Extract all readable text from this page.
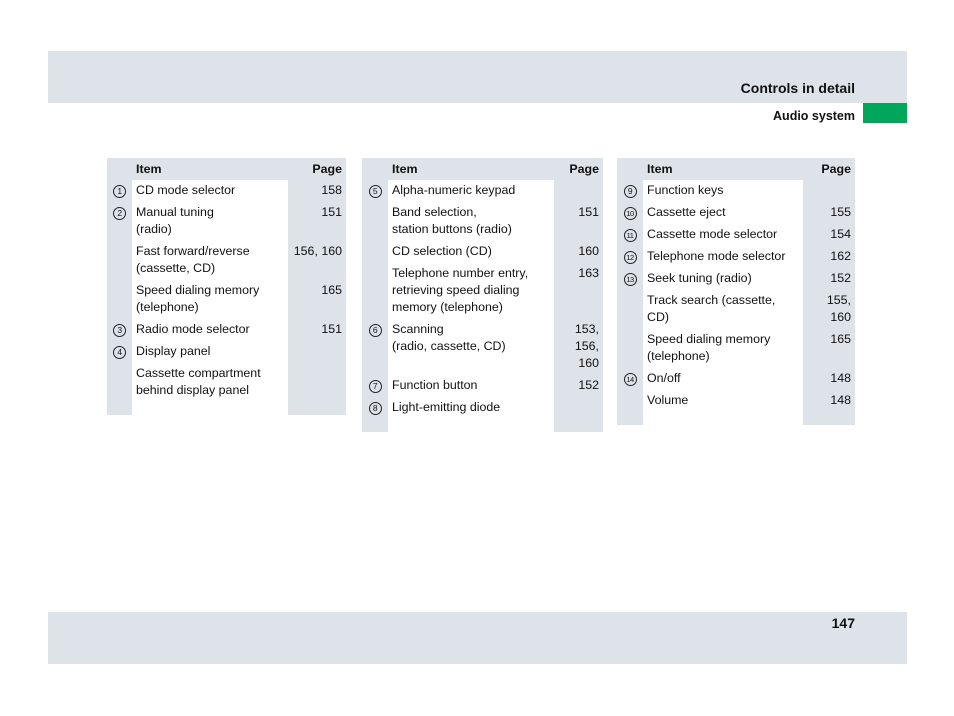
Controls in detail
Audio system
	Item	Page
1	CD mode selector	158
2	Manual tuning
(radio)	151
	Fast forward/reverse
(cassette, CD)	156, 160
	Speed dialing memory
(telephone)	165
3	Radio mode selector	151
4	Display panel	
	Cassette compartment
behind display panel	

	Item	Page
5	Alpha-numeric keypad	
	Band selection,
station buttons (radio)	151
	CD selection (CD)	160
	Telephone number entry,
retrieving speed dialing
memory (telephone)	163
6	Scanning
(radio, cassette, CD)	153,
156,
160
7	Function button	152
8	Light-emitting diode	

	Item	Page
9	Function keys	
10	Cassette eject	155
11	Cassette mode selector	154
12	Telephone mode selector	162
13	Seek tuning (radio)	152
	Track search (cassette, CD)	155,
160
	Speed dialing memory
(telephone)	165
14	On/off	148
	Volume	148

147
